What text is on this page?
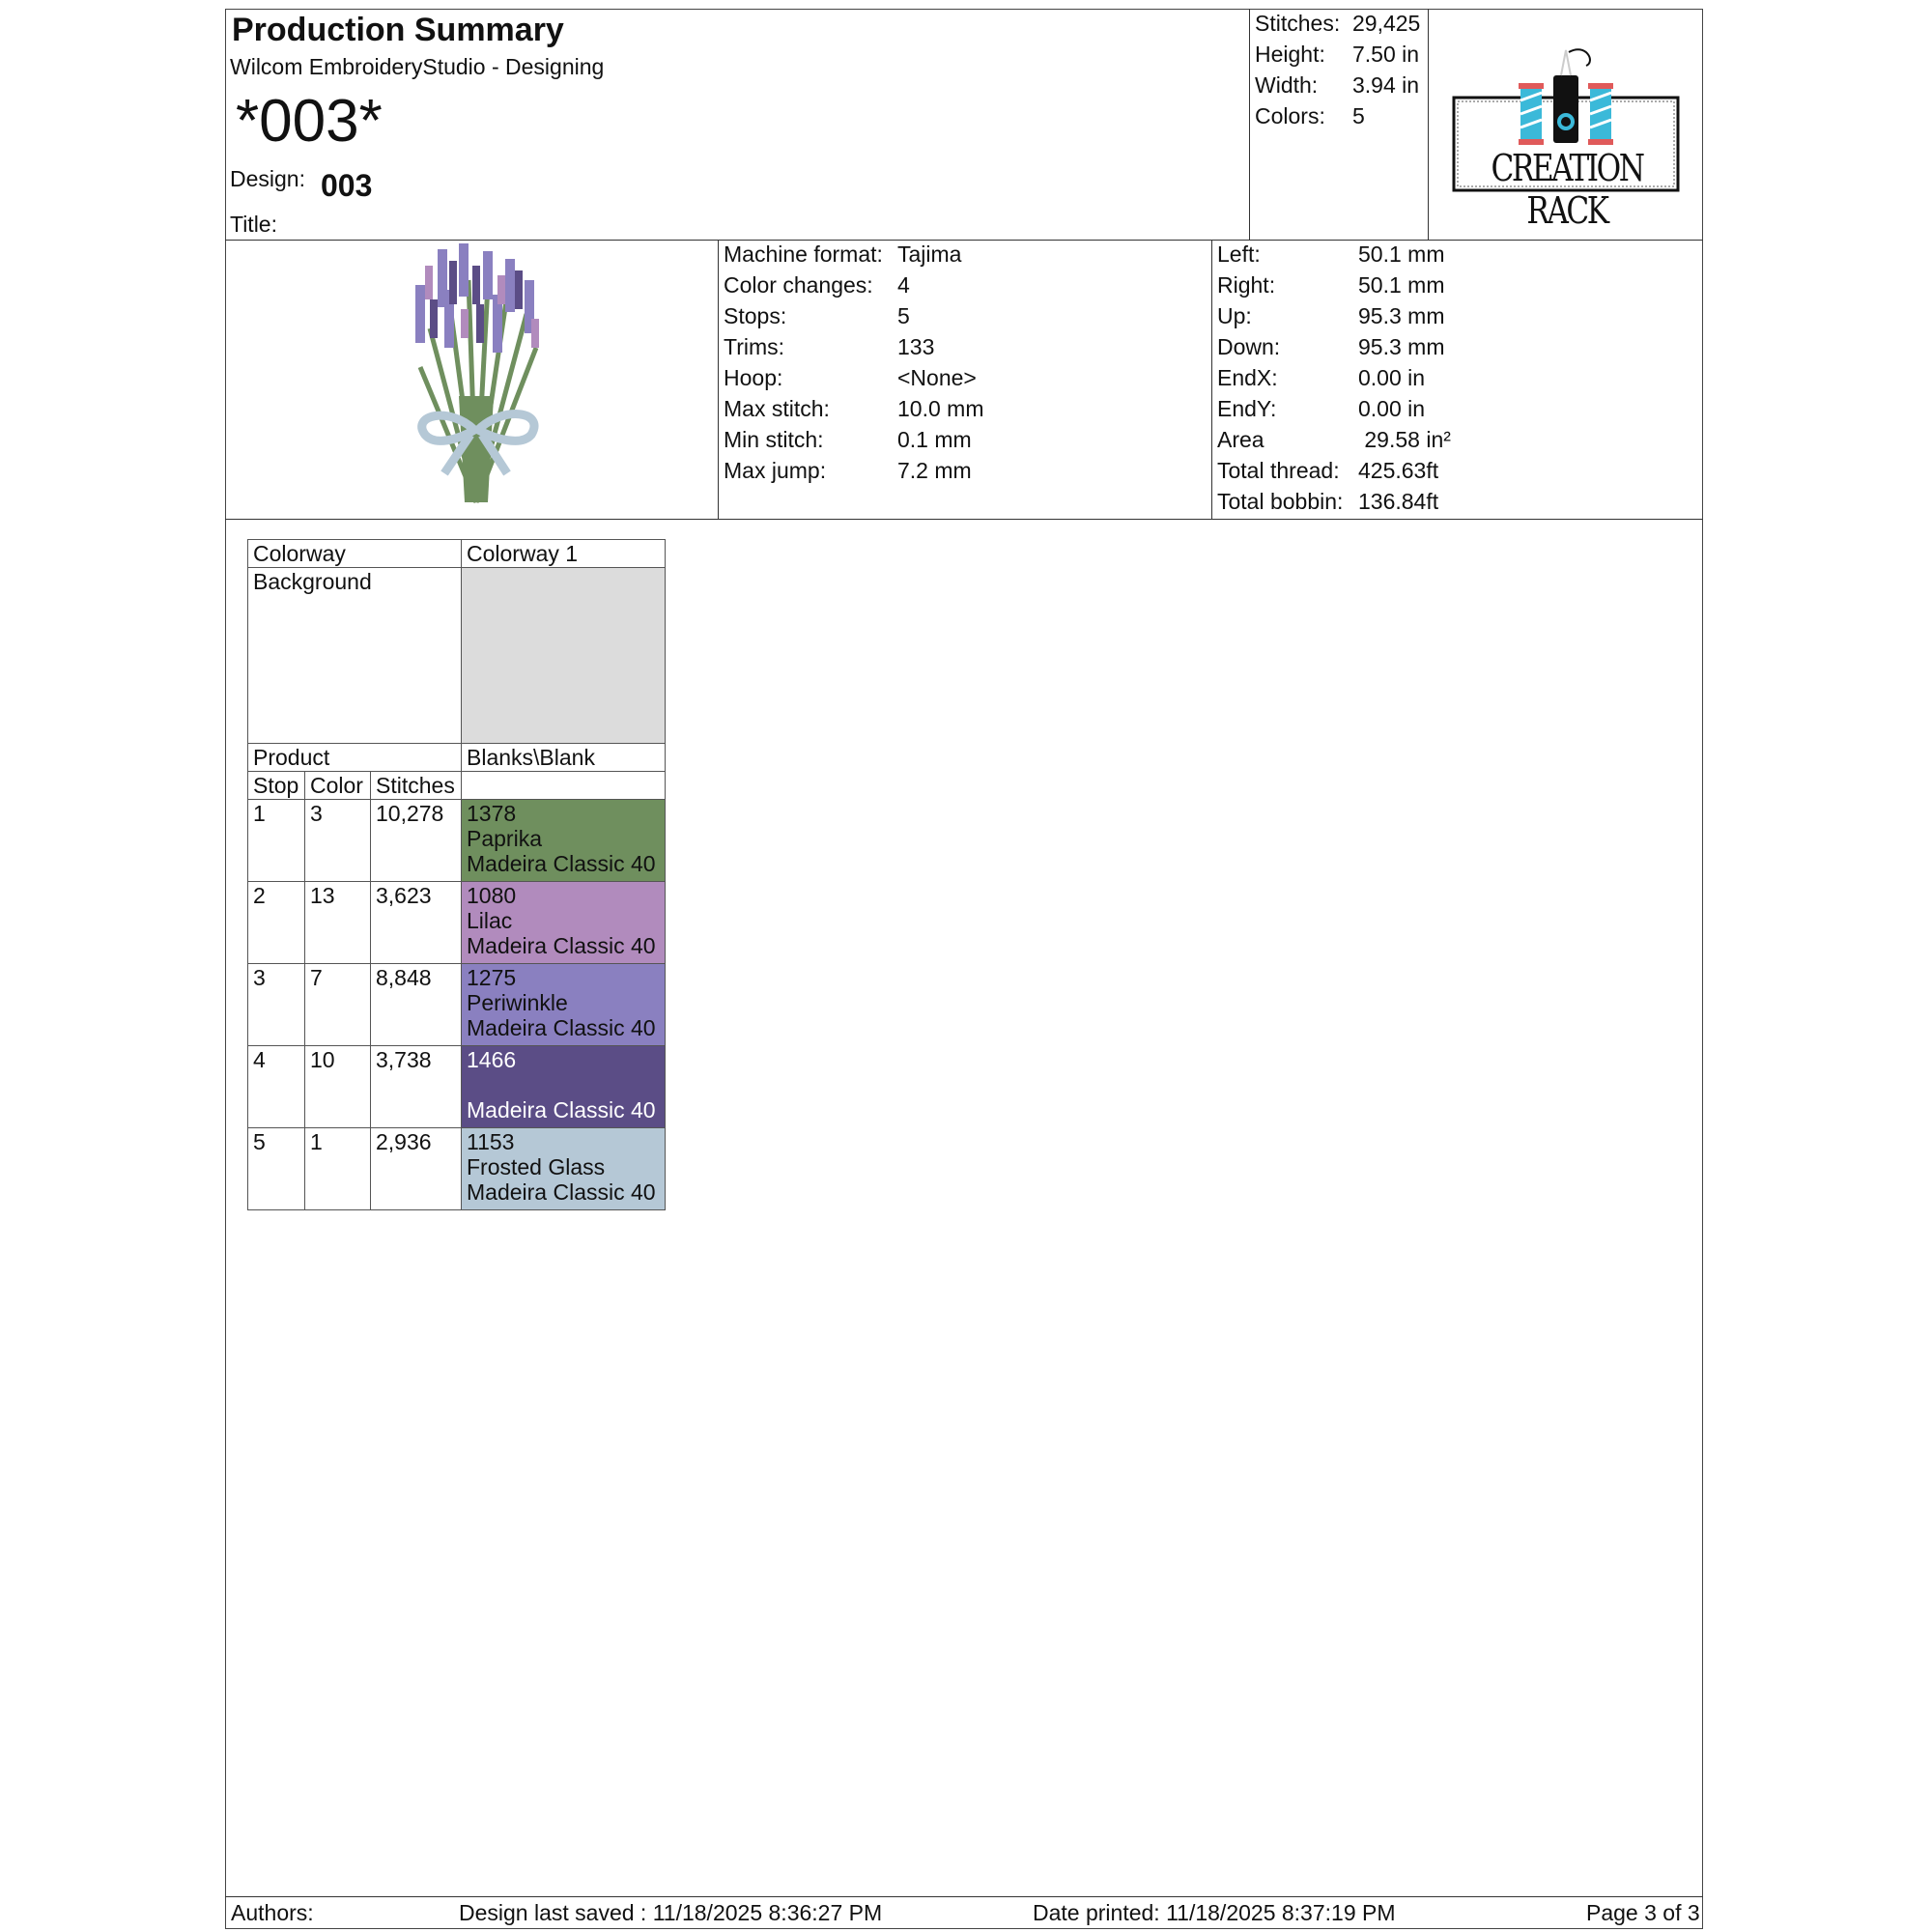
Production Summary
Wilcom EmbroideryStudio - Designing
*003*
Design: 003
Title:
Stitches: 29,425
Height: 7.50 in
Width: 3.94 in
Colors: 5
CREATION RACK
Machine format: Tajima
Color changes: 4
Stops:	5
Trims:	133
Hoop:	<None>
Max stitch:	10.0 mm
Min stitch:	0.1 mm
Max jump:	7.2 mm
Left:	50.1 mm
Right:	50.1 mm
Up:	95.3 mm
Down:	95.3 mm
EndX:	0.00 in
EndY:	0.00 in
Area	29.58 in²
Total thread: 425.63ft
Total bobbin: 136.84ft
Colorway			Colorway 1
Background			
Product			Blanks\Blank
Stop	Color	Stitches	
1	3	10,278	1378
Paprika
Madeira Classic 40

2	13	3,623	1080
Lilac
Madeira Classic 40

3	7	8,848	1275
Periwinkle
Madeira Classic 40

4	10	3,738	1466
Madeira Classic 40

5	1	2,936	1153
Frosted Glass
Madeira Classic 40
Authors:	Design last saved : 11/18/2025 8:36:27 PM	Date printed: 11/18/2025 8:37:19 PM	Page 3 of 3
